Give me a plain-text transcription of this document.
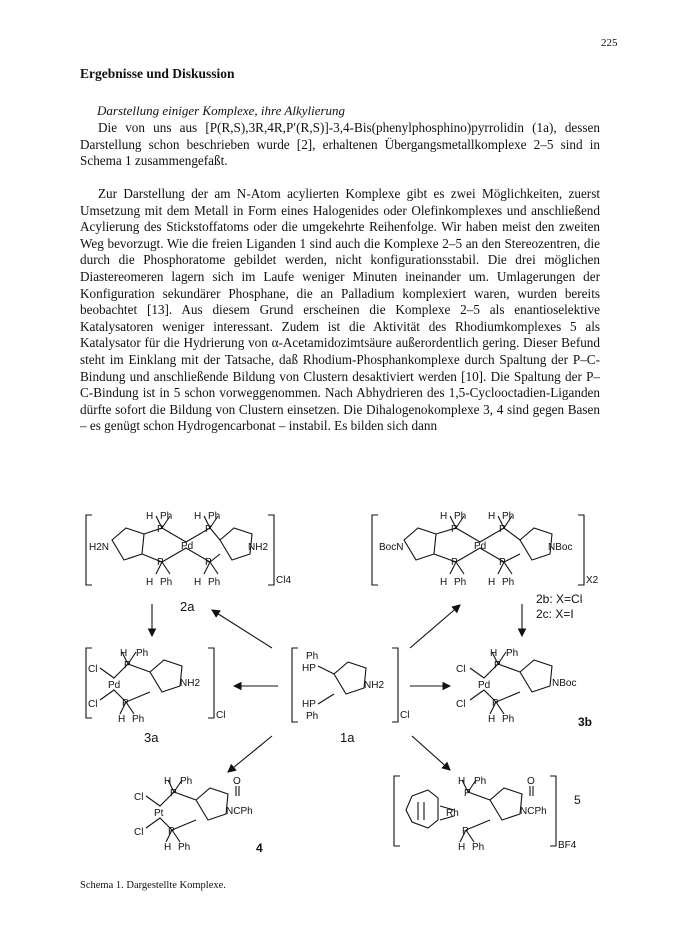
225
Ergebnisse und Diskussion
Darstellung einiger Komplexe, ihre Alkylierung

Die von uns aus [P(R,S),3R,4R,P′(R,S)]-3,4-Bis(phenylphosphino)pyrrolidin (1a), dessen Darstellung schon beschrieben wurde [2], erhaltenen Übergangsmetallkomplexe 2–5 sind in Schema 1 zusammengefaßt.

Zur Darstellung der am N-Atom acylierten Komplexe gibt es zwei Möglichkeiten, zuerst Umsetzung mit dem Metall in Form eines Halogenides oder Olefinkomplexes und anschließend Acylierung des Stickstoffatoms oder die umgekehrte Reihenfolge. Wir haben meist den zweiten Weg bevorzugt. Wie die freien Liganden 1 sind auch die Komplexe 2–5 an den Stereozentren, die durch die Phosphoratome gebildet werden, nicht konfigurationsstabil. Die drei möglichen Diastereomeren lagern sich im Laufe weniger Minuten ineinander um. Umlagerungen der Konfiguration sekundärer Phosphane, die an Palladium komplexiert waren, wurden bereits beobachtet [13]. Aus diesem Grund erscheinen die Komplexe 2–5 als enantioselektive Katalysatoren weniger interessant. Zudem ist die Aktivität des Rhodiumkomplexes 5 als Katalysator für die Hydrierung von α-Acetamidozimtsäure außerordentlich gering. Dieser Befund steht im Einklang mit der Tatsache, daß Rhodium-Phosphankomplexe durch Spaltung der P–C-Bindung und anschließende Bildung von Clustern desaktiviert werden [10]. Die Spaltung der P–C-Bindung ist in 5 schon vorweggenommen. Nach Abhydrieren des 1,5-Cyclooctadien-Liganden dürfte sofort die Bildung von Clustern einsetzen. Die Dihalogenokomplexe 3, 4 sind gegen Basen – es genügt schon Hydrogencarbonat – instabil. Es bilden sich dann

H Ph H Ph
P	P
Pd
P	P
H Ph H Ph
H2N	NH2
Cl4
2a
H Ph H Ph
P	P
Pd
P	P
H Ph H Ph
BocN	NBoc
X2
2b: X=Cl
2c: X=I
H Ph
P
Cl
Pd
Cl P
H Ph
NH2
Cl
3a
Ph
HP
HP
Ph
NH2
Cl
1a
H Ph
P
Cl
Pd
Cl	P
H Ph
NBoc
3b
H Ph
P
Cl
Pt
Cl P
H Ph
O
NCPh
4
H Ph
P
Rh
P
H Ph
O
NCPh
5
BF4
Schema 1. Dargestellte Komplexe.
